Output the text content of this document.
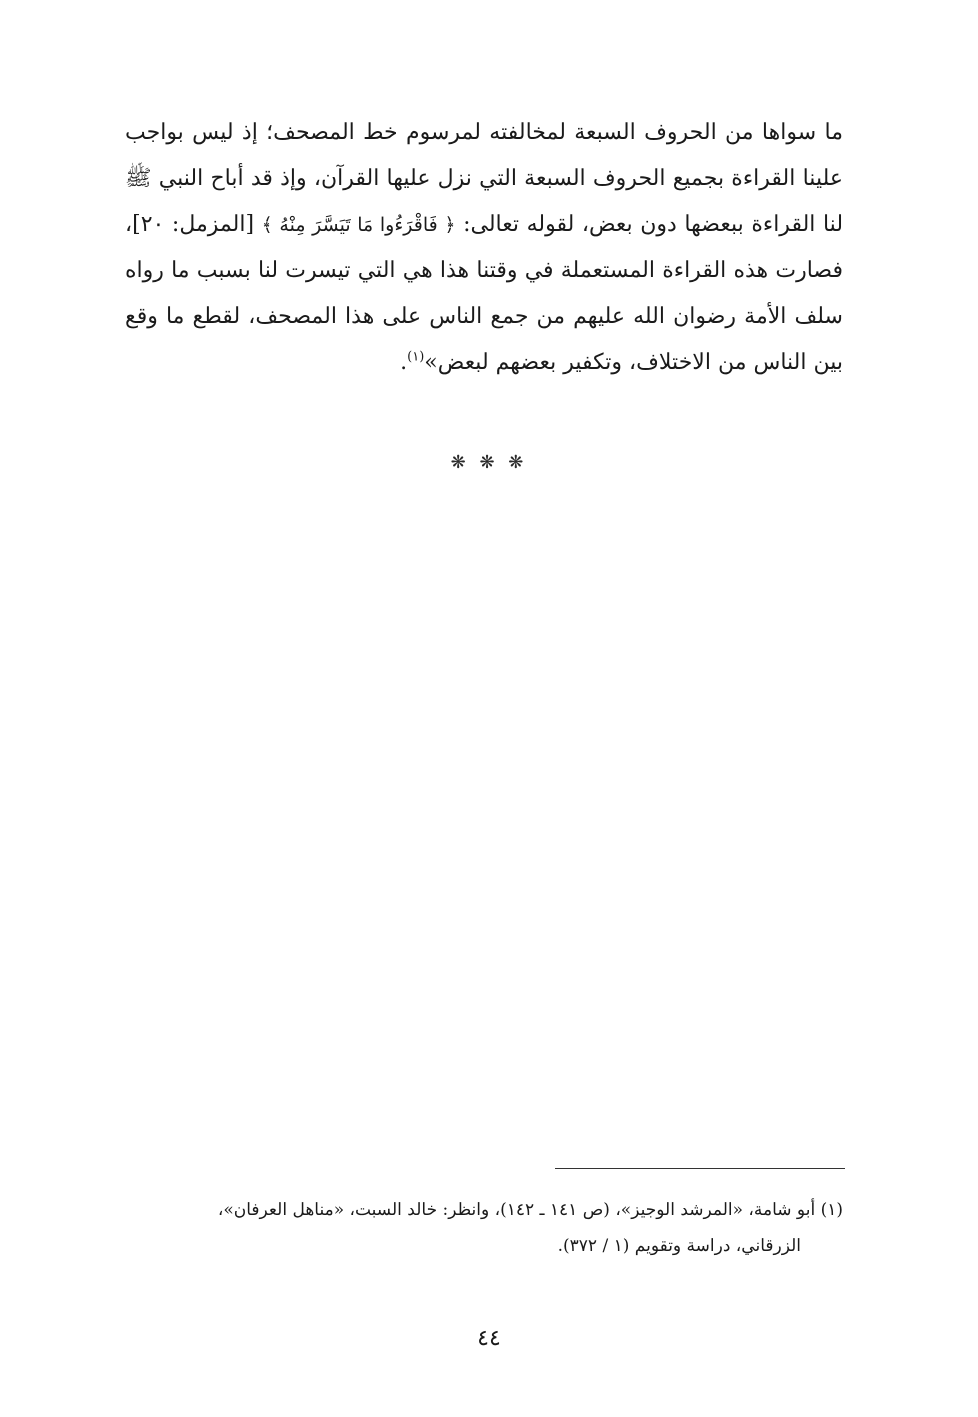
ما سواها من الحروف السبعة لمخالفته لمرسوم خط المصحف؛ إذ ليس بواجب علينا القراءة بجميع الحروف السبعة التي نزل عليها القرآن، وإذ قد أباح النبي ﷺ لنا القراءة ببعضها دون بعض، لقوله تعالى: ﴿ فَاقْرَءُوا مَا تَيَسَّرَ مِنْهُ ﴾ [المزمل: ٢٠]، فصارت هذه القراءة المستعملة في وقتنا هذا هي التي تيسرت لنا بسبب ما رواه سلف الأمة رضوان الله عليهم من جمع الناس على هذا المصحف، لقطع ما وقع بين الناس من الاختلاف، وتكفير بعضهم لبعض»$^{(١)}$.

❋ ❋ ❋
(١) أبو شامة، «المرشد الوجيز»، (ص ١٤١ ـ ١٤٢)، وانظر: خالد السبت، «مناهل العرفان»،
الزرقاني، دراسة وتقويم (١ / ٣٧٢).
٤٤
